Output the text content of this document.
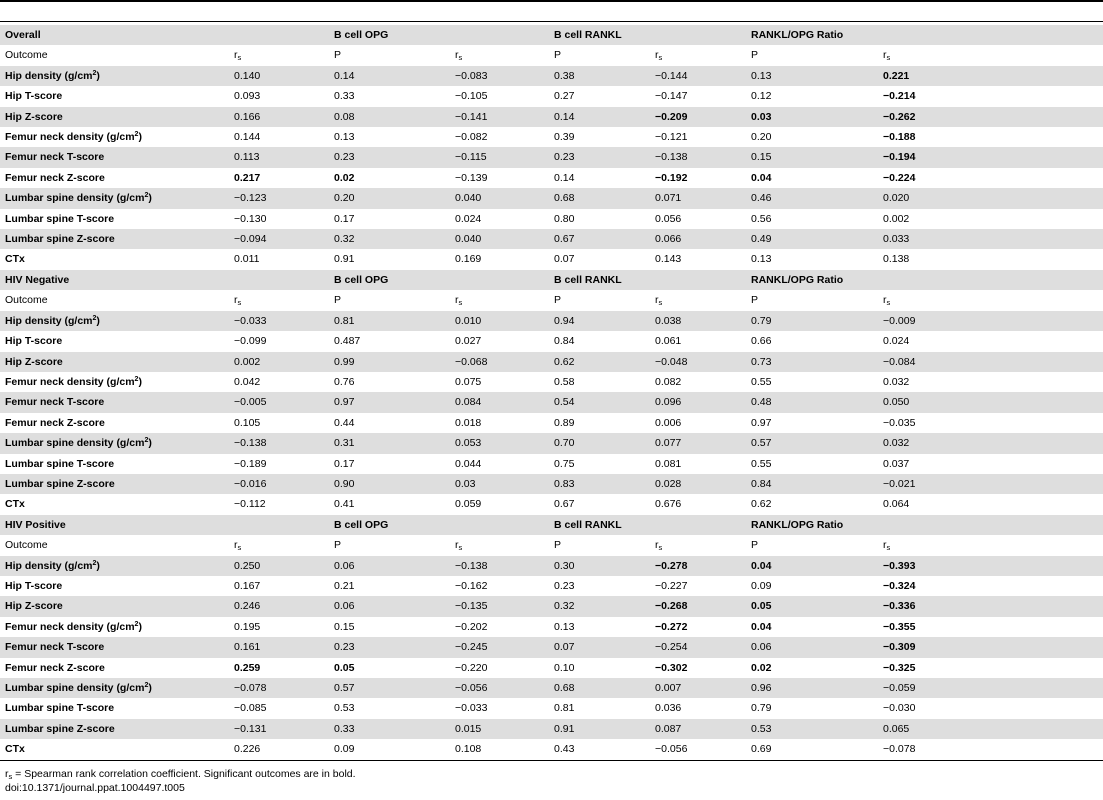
Overall		B cell OPG		B cell RANKL		RANKL/OPG Ratio		
Outcome	$r_s$	P	$r_s$	P	$r_s$	P	$r_s$	
Hip density $(g/cm^2)$	0.140	0.14	−0.083	0.38	−0.144	0.13	0.221	
Hip T-score	0.093	0.33	−0.105	0.27	−0.147	0.12	−0.214	
Hip Z-score	0.166	0.08	−0.141	0.14	−0.209	0.03	−0.262	
Femur neck density $(g/cm^2)$	0.144	0.13	−0.082	0.39	−0.121	0.20	−0.188	
Femur neck T-score	0.113	0.23	−0.115	0.23	−0.138	0.15	−0.194	
Femur neck Z-score	0.217	0.02	−0.139	0.14	−0.192	0.04	−0.224	
Lumbar spine density $(g/cm^2)$	−0.123	0.20	0.040	0.68	0.071	0.46	0.020	
Lumbar spine T-score	−0.130	0.17	0.024	0.80	0.056	0.56	0.002	
Lumbar spine Z-score	−0.094	0.32	0.040	0.67	0.066	0.49	0.033	
CTx	0.011	0.91	0.169	0.07	0.143	0.13	0.138	
HIV Negative		B cell OPG		B cell RANKL		RANKL/OPG Ratio		
Outcome	$r_s$	P	$r_s$	P	$r_s$	P	$r_s$	
Hip density $(g/cm^2)$	−0.033	0.81	0.010	0.94	0.038	0.79	−0.009	
Hip T-score	−0.099	0.487	0.027	0.84	0.061	0.66	0.024	
Hip Z-score	0.002	0.99	−0.068	0.62	−0.048	0.73	−0.084	
Femur neck density $(g/cm^2)$	0.042	0.76	0.075	0.58	0.082	0.55	0.032	
Femur neck T-score	−0.005	0.97	0.084	0.54	0.096	0.48	0.050	
Femur neck Z-score	0.105	0.44	0.018	0.89	0.006	0.97	−0.035	
Lumbar spine density $(g/cm^2)$	−0.138	0.31	0.053	0.70	0.077	0.57	0.032	
Lumbar spine T-score	−0.189	0.17	0.044	0.75	0.081	0.55	0.037	
Lumbar spine Z-score	−0.016	0.90	0.03	0.83	0.028	0.84	−0.021	
CTx	−0.112	0.41	0.059	0.67	0.676	0.62	0.064	
HIV Positive		B cell OPG		B cell RANKL		RANKL/OPG Ratio		
Outcome	$r_s$	P	$r_s$	P	$r_s$	P	$r_s$	
Hip density $(g/cm^2)$	0.250	0.06	−0.138	0.30	−0.278	0.04	−0.393	
Hip T-score	0.167	0.21	−0.162	0.23	−0.227	0.09	−0.324	
Hip Z-score	0.246	0.06	−0.135	0.32	−0.268	0.05	−0.336	
Femur neck density $(g/cm^2)$	0.195	0.15	−0.202	0.13	−0.272	0.04	−0.355	
Femur neck T-score	0.161	0.23	−0.245	0.07	−0.254	0.06	−0.309	
Femur neck Z-score	0.259	0.05	−0.220	0.10	−0.302	0.02	−0.325	
Lumbar spine density $(g/cm^2)$	−0.078	0.57	−0.056	0.68	0.007	0.96	−0.059	
Lumbar spine T-score	−0.085	0.53	−0.033	0.81	0.036	0.79	−0.030	
Lumbar spine Z-score	−0.131	0.33	0.015	0.91	0.087	0.53	0.065	
CTx	0.226	0.09	0.108	0.43	−0.056	0.69	−0.078	
$r_s$ = Spearman rank correlation coefficient. Significant outcomes are in bold.
doi:10.1371/journal.ppat.1004497.t005
